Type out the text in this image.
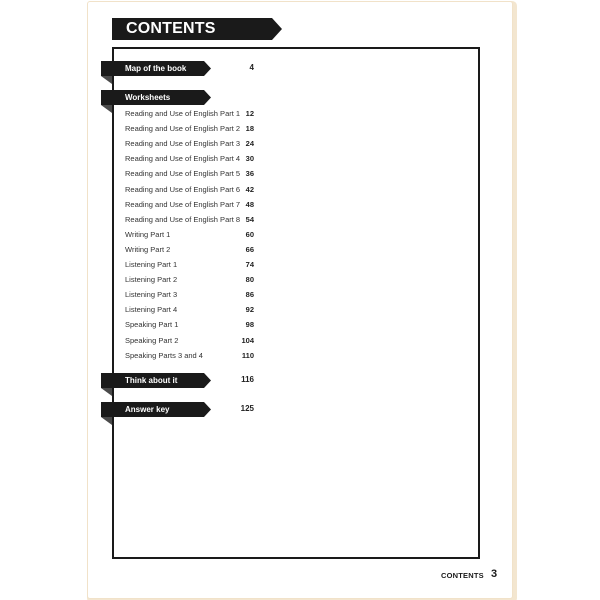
CONTENTS
Map of the book	4
Worksheets
Reading and Use of English Part 1 12
Reading and Use of English Part 2 18
Reading and Use of English Part 3 24
Reading and Use of English Part 4 30
Reading and Use of English Part 5 36
Reading and Use of English Part 6 42
Reading and Use of English Part 7 48
Reading and Use of English Part 8 54
Writing Part 1	60
Writing Part 2	66
Listening Part 1	74
Listening Part 2	80
Listening Part 3	86
Listening Part 4	92
Speaking Part 1	98
Speaking Part 2	104
Speaking Parts 3 and 4	110
Think about it	116
Answer key	125
CONTENTS 3
